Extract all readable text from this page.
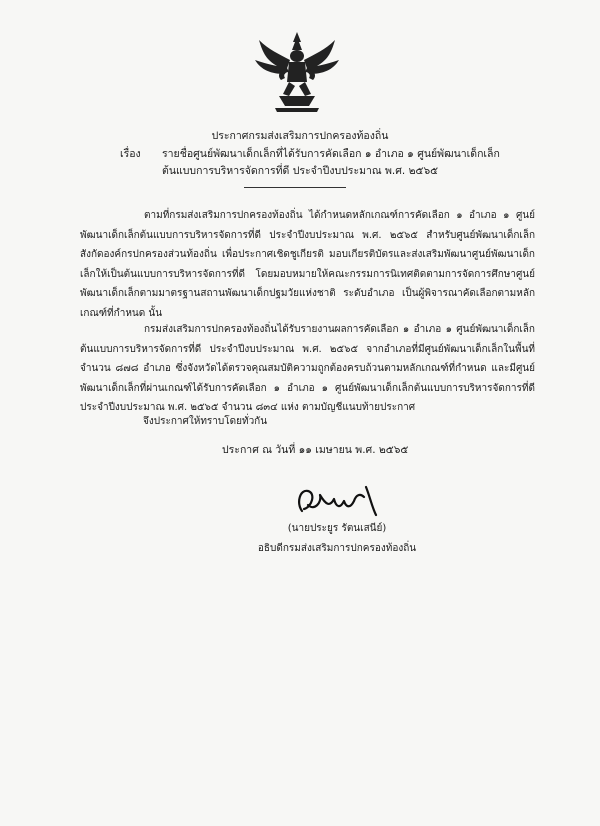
ประกาศกรมส่งเสริมการปกครองท้องถิ่น
เรื่อง รายชื่อศูนย์พัฒนาเด็กเล็กที่ได้รับการคัดเลือก ๑ อำเภอ ๑ ศูนย์พัฒนาเด็กเล็ก
ต้นแบบการบริหารจัดการที่ดี ประจำปีงบประมาณ พ.ศ. ๒๕๖๕
ตามที่กรมส่งเสริมการปกครองท้องถิ่น ได้กำหนดหลักเกณฑ์การคัดเลือก ๑ อำเภอ ๑ ศูนย์พัฒนาเด็กเล็กต้นแบบการบริหารจัดการที่ดี ประจำปีงบประมาณ พ.ศ. ๒๕๖๕ สำหรับศูนย์พัฒนาเด็กเล็กสังกัดองค์กรปกครองส่วนท้องถิ่น เพื่อประกาศเชิดชูเกียรติ มอบเกียรติบัตรและส่งเสริมพัฒนาศูนย์พัฒนาเด็กเล็กให้เป็นต้นแบบการบริหารจัดการที่ดี โดยมอบหมายให้คณะกรรมการนิเทศติดตามการจัดการศึกษาศูนย์พัฒนาเด็กเล็กตามมาตรฐานสถานพัฒนาเด็กปฐมวัยแห่งชาติ ระดับอำเภอ เป็นผู้พิจารณาคัดเลือกตามหลักเกณฑ์ที่กำหนด นั้น
กรมส่งเสริมการปกครองท้องถิ่นได้รับรายงานผลการคัดเลือก ๑ อำเภอ ๑ ศูนย์พัฒนาเด็กเล็กต้นแบบการบริหารจัดการที่ดี ประจำปีงบประมาณ พ.ศ. ๒๕๖๕ จากอำเภอที่มีศูนย์พัฒนาเด็กเล็กในพื้นที่ จำนวน ๘๗๘ อำเภอ ซึ่งจังหวัดได้ตรวจคุณสมบัติความถูกต้องครบถ้วนตามหลักเกณฑ์ที่กำหนด และมีศูนย์พัฒนาเด็กเล็กที่ผ่านเกณฑ์ได้รับการคัดเลือก ๑ อำเภอ ๑ ศูนย์พัฒนาเด็กเล็กต้นแบบการบริหารจัดการที่ดี ประจำปีงบประมาณ พ.ศ. ๒๕๖๕ จำนวน ๘๓๔ แห่ง ตามบัญชีแนบท้ายประกาศ
จึงประกาศให้ทราบโดยทั่วกัน
ประกาศ ณ วันที่ ๑๑ เมษายน พ.ศ. ๒๕๖๕
(นายประยูร รัตนเสนีย์)
อธิบดีกรมส่งเสริมการปกครองท้องถิ่น
